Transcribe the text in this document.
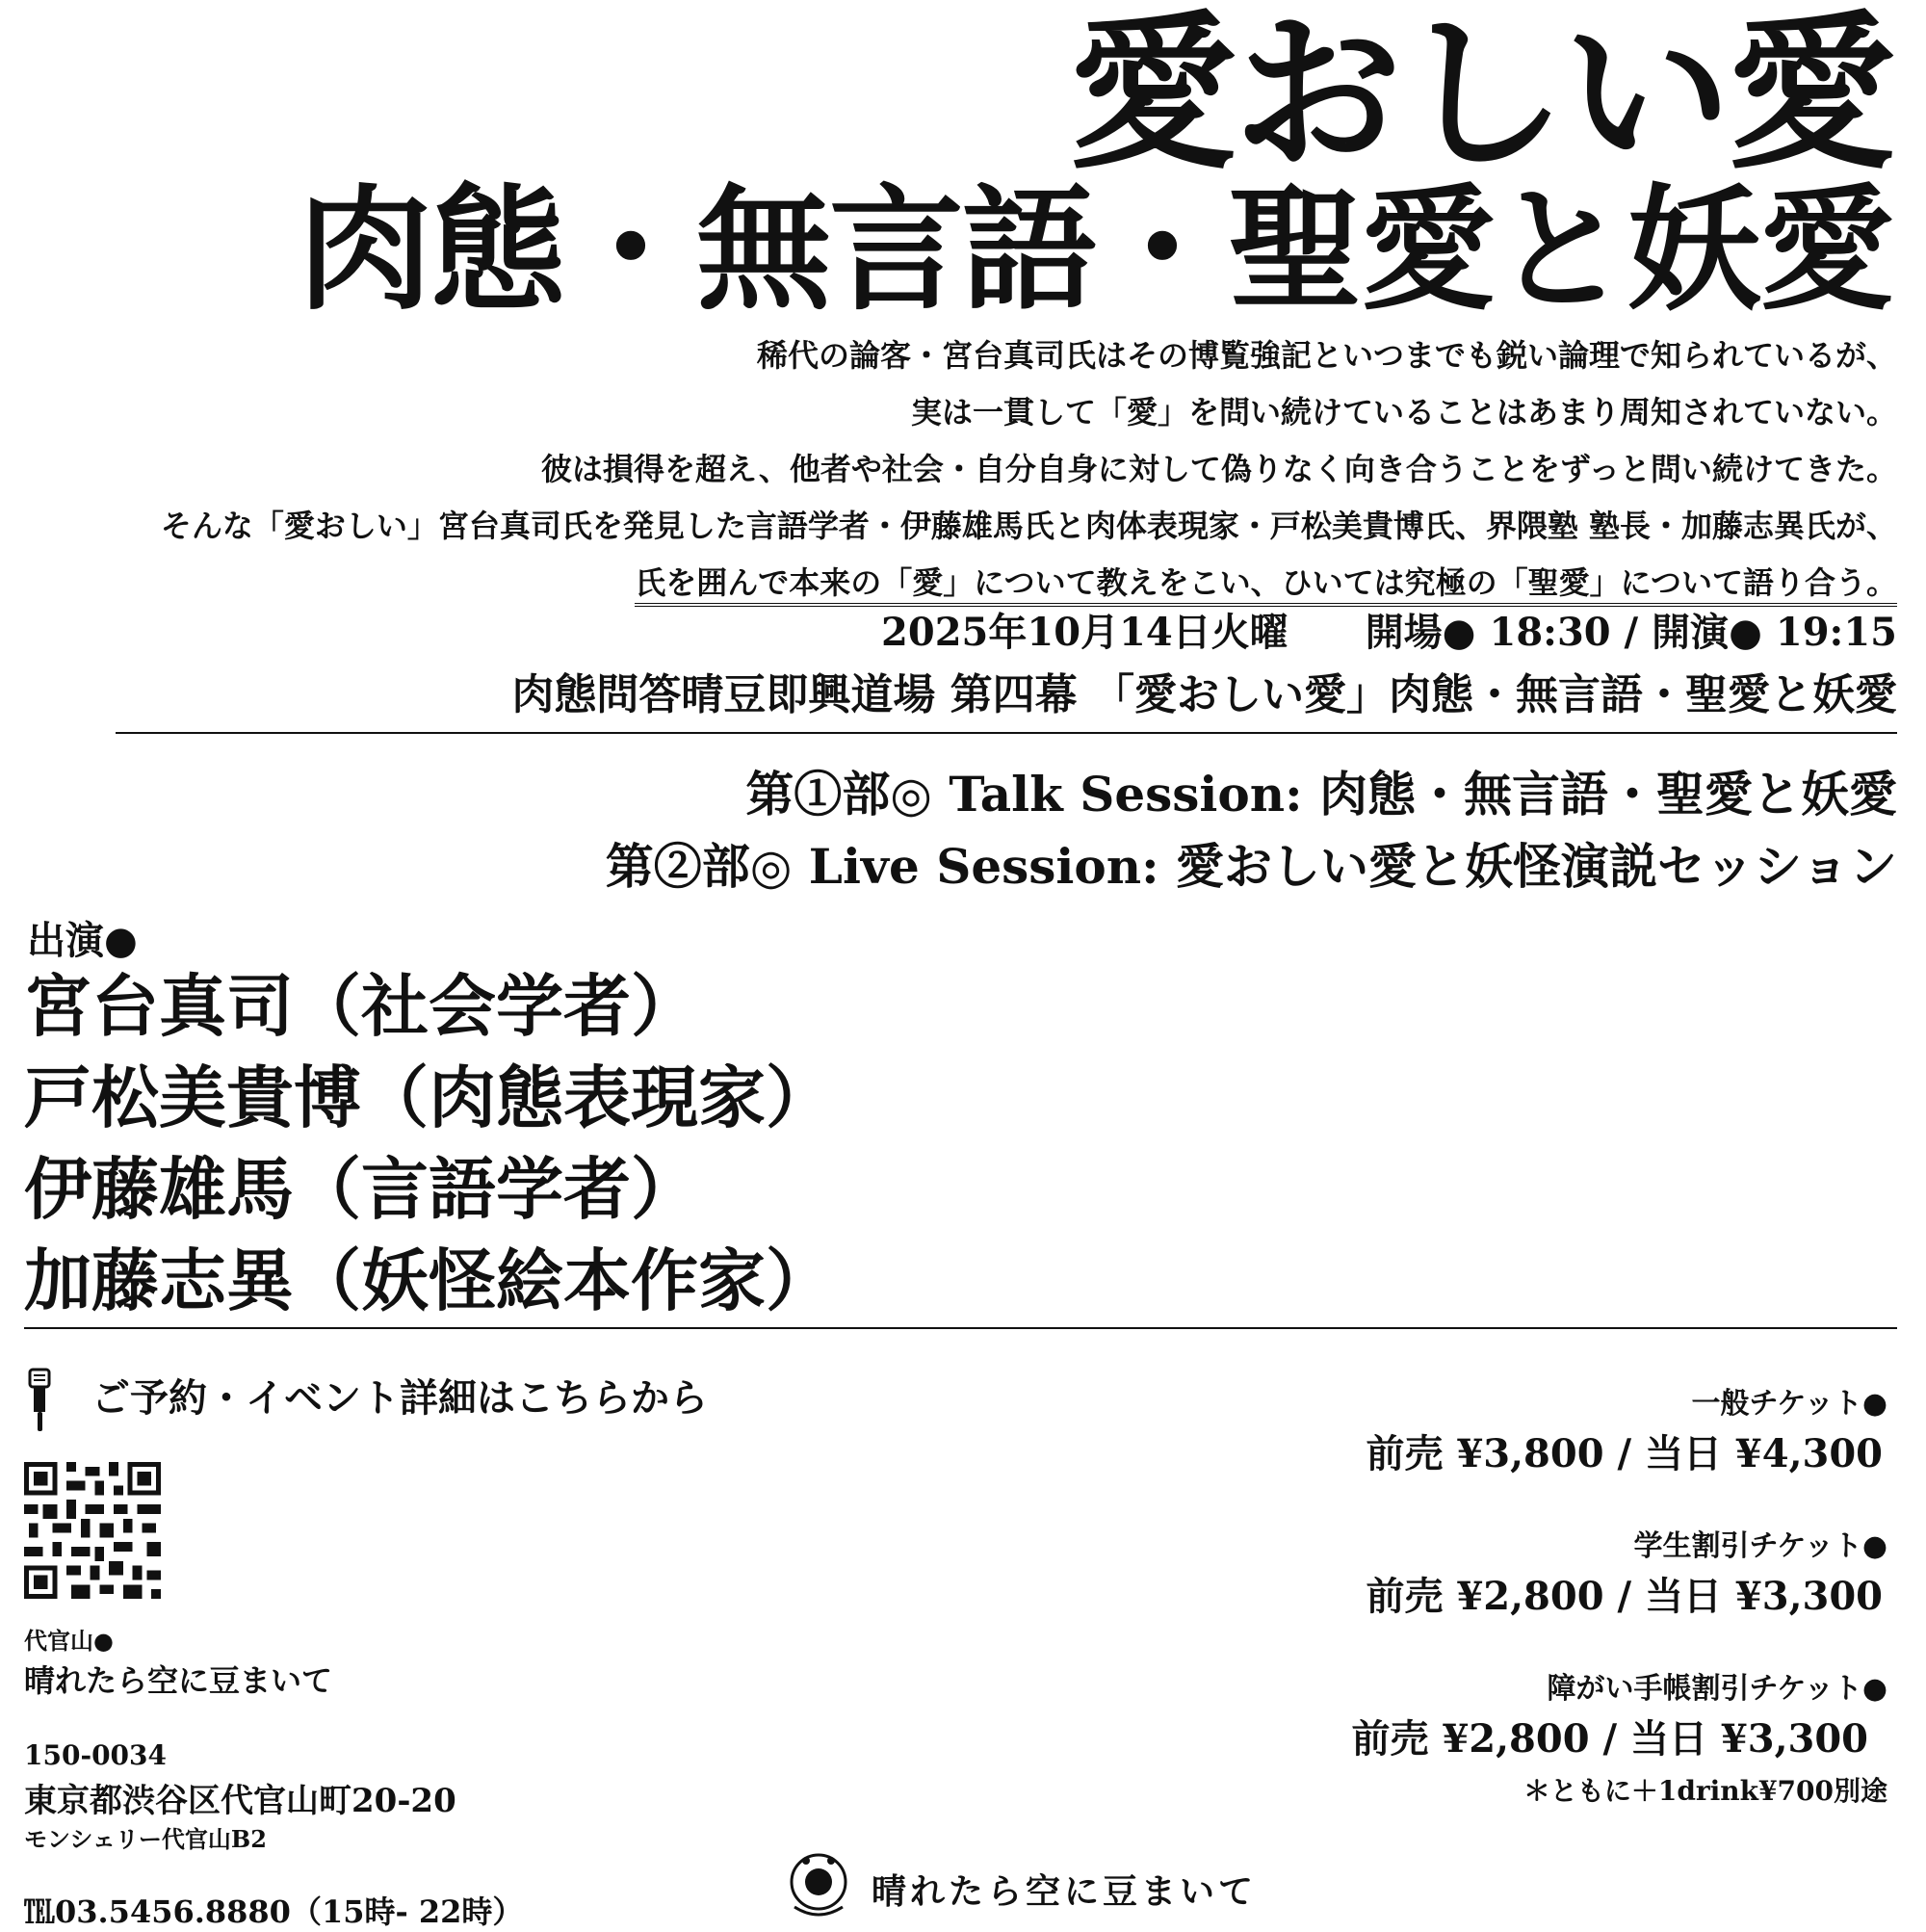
愛おしい愛
肉態・無言語・聖愛と妖愛
稀代の論客・宮台真司氏はその博覧強記といつまでも鋭い論理で知られているが、
実は一貫して「愛」を問い続けていることはあまり周知されていない。
彼は損得を超え、他者や社会・自分自身に対して偽りなく向き合うことをずっと問い続けてきた。
そんな「愛おしい」宮台真司氏を発見した言語学者・伊藤雄馬氏と肉体表現家・戸松美貴博氏、界隈塾 塾長・加藤志異氏が、
氏を囲んで本来の「愛」について教えをこい、ひいては究極の「聖愛」について語り合う。
2025年10月14日火曜 開場● 18:30 / 開演● 19:15
肉態問答晴豆即興道場 第四幕 「愛おしい愛」肉態・無言語・聖愛と妖愛
第①部◎ Talk Session: 肉態・無言語・聖愛と妖愛
第②部◎ Live Session: 愛おしい愛と妖怪演説セッション
出演●
宮台真司（社会学者）
戸松美貴博（肉態表現家）
伊藤雄馬（言語学者）
加藤志異（妖怪絵本作家）
ご予約・イベント詳細はこちらから
代官山●
晴れたら空に豆まいて
150-0034
東京都渋谷区代官山町20-20
モンシェリー代官山B2
℡03.5456.8880（15時- 22時）
一般チケット●
前売 ¥3,800 / 当日 ¥4,300
学生割引チケット●
前売 ¥2,800 / 当日 ¥3,300
障がい手帳割引チケット●
前売 ¥2,800 / 当日 ¥3,300
＊ともに＋1drink¥700別途
晴れたら空に豆まいて
